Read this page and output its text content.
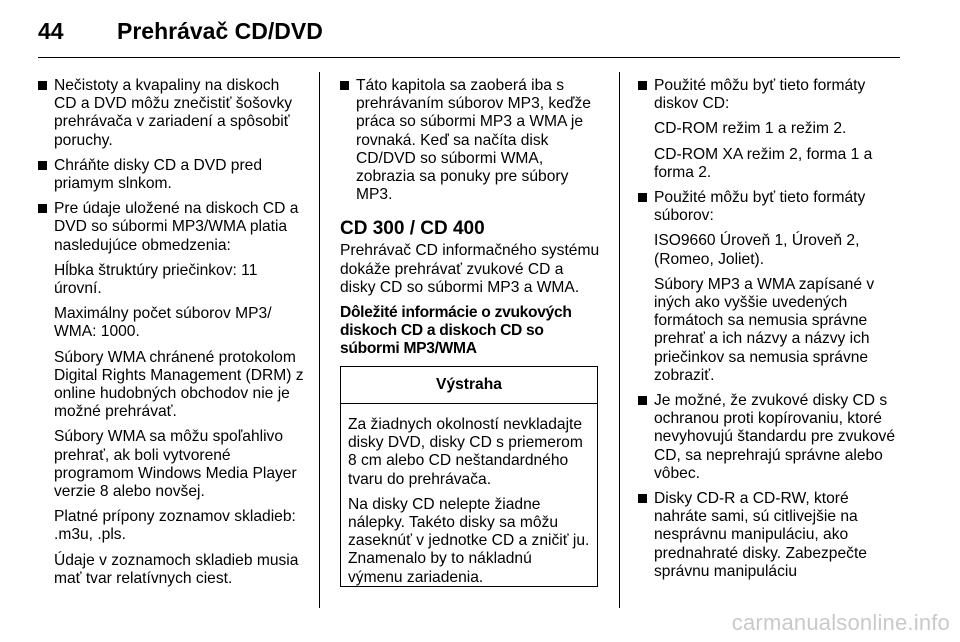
44 Prehrávač CD/DVD
Nečistoty a kvapaliny na diskoch CD a DVD môžu znečistiť šošovky prehrávača v zariadení a spôsobiť poruchy.
Chráňte disky CD a DVD pred priamym slnkom.
Pre údaje uložené na diskoch CD a DVD so súbormi MP3/WMA platia nasledujúce obmedzenia:

Hĺbka štruktúry priečinkov: 11 úrovní.

Maximálny počet súborov MP3/ WMA: 1000.

Súbory WMA chránené protokolom Digital Rights Management (DRM) z online hudobných obchodov nie je možné prehrávať.

Súbory WMA sa môžu spoľahlivo prehrať, ak boli vytvorené programom Windows Media Player verzie 8 alebo novšej.

Platné prípony zoznamov skladieb: .m3u, .pls.

Údaje v zoznamoch skladieb musia mať tvar relatívnych ciest.

Táto kapitola sa zaoberá iba s prehrávaním súborov MP3, keďže práca so súbormi MP3 a WMA je rovnaká. Keď sa načíta disk CD/DVD so súbormi WMA, zobrazia sa ponuky pre súbory MP3.
CD 300 / CD 400

Prehrávač CD informačného systému dokáže prehrávať zvukové CD a disky CD so súbormi MP3 a WMA.

Dôležité informácie o zvukových diskoch CD a diskoch CD so súbormi MP3/WMA

Výstraha

Za žiadnych okolností nevkladajte disky DVD, disky CD s priemerom 8 cm alebo CD neštandardného tvaru do prehrávača.

Na disky CD nelepte žiadne nálepky. Takéto disky sa môžu zaseknúť v jednotke CD a zničiť ju. Znamenalo by to nákladnú výmenu zariadenia.

Použité môžu byť tieto formáty diskov CD:

CD-ROM režim 1 a režim 2.

CD-ROM XA režim 2, forma 1 a forma 2.

Použité môžu byť tieto formáty súborov:

ISO9660 Úroveň 1, Úroveň 2, (Romeo, Joliet).

Súbory MP3 a WMA zapísané v iných ako vyššie uvedených formátoch sa nemusia správne prehrať a ich názvy a názvy ich priečinkov sa nemusia správne zobraziť.

Je možné, že zvukové disky CD s ochranou proti kopírovaniu, ktoré nevyhovujú štandardu pre zvukové CD, sa neprehrajú správne alebo vôbec.
Disky CD-R a CD-RW, ktoré nahráte sami, sú citlivejšie na nesprávnu manipuláciu, ako prednahraté disky. Zabezpečte správnu manipuláciu
carmanualsonline.info
